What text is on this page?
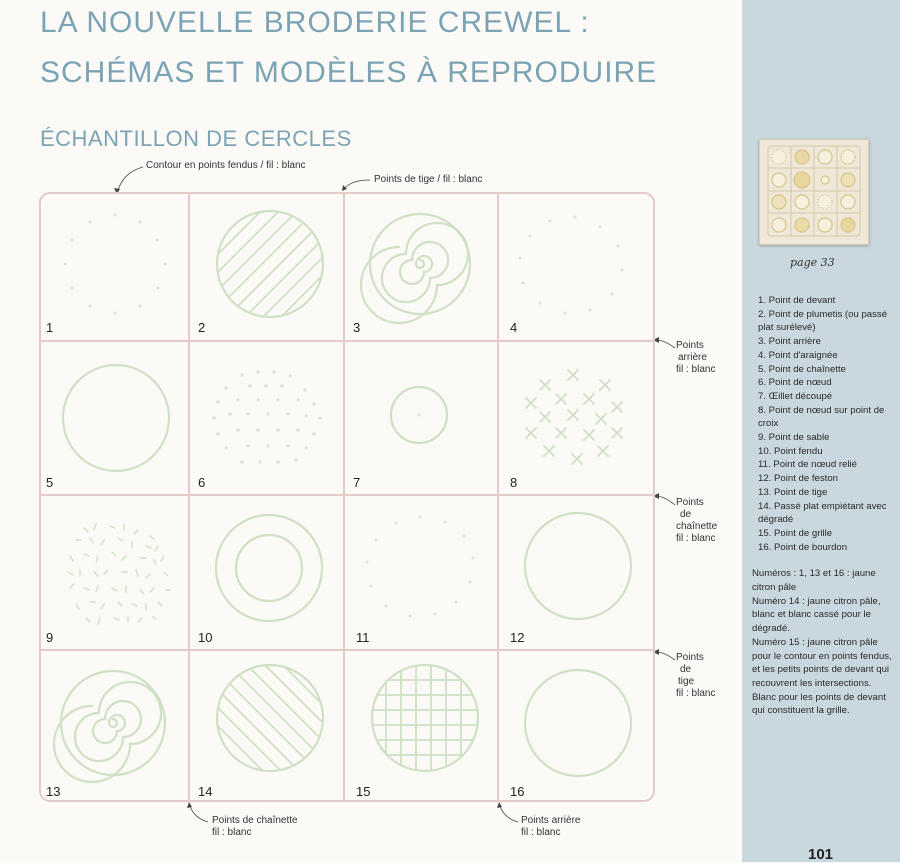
LA NOUVELLE BRODERIE CREWEL :
SCHÉMAS ET MODÈLES À REPRODUIRE
ÉCHANTILLON DE CERCLES
Contour en points fendus / fil : blanc
Points de tige / fil : blanc
Points
arrière
fil : blanc
Points
de
chaînette
fil : blanc
Points
de
tige
fil : blanc
Points de chaînette
fil : blanc
Points arrière
fil : blanc
1	2	3	4
5	6	7	8
9	10	11	12
13	14	15	16
page 33
1. Point de devant
2. Point de plumetis (ou passé plat surélevé)
3. Point arrière
4. Point d'araignée
5. Point de chaînette
6. Point de nœud
7. Œillet découpé
8. Point de nœud sur point de croix
9. Point de sable
10. Point fendu
11. Point de nœud relié
12. Point de feston
13. Point de tige
14. Passé plat empiétant avec dégradé
15. Point de grille
16. Point de bourdon

Numéros : 1, 13 et 16 : jaune citron pâle

Numéro 14 : jaune citron pâle, blanc et blanc cassé pour le dégradé.

Numéro 15 : jaune citron pâle pour le contour en points fendus, et les petits points de devant qui recouvrent les intersections. Blanc pour les points de devant qui constituent la grille.

101
